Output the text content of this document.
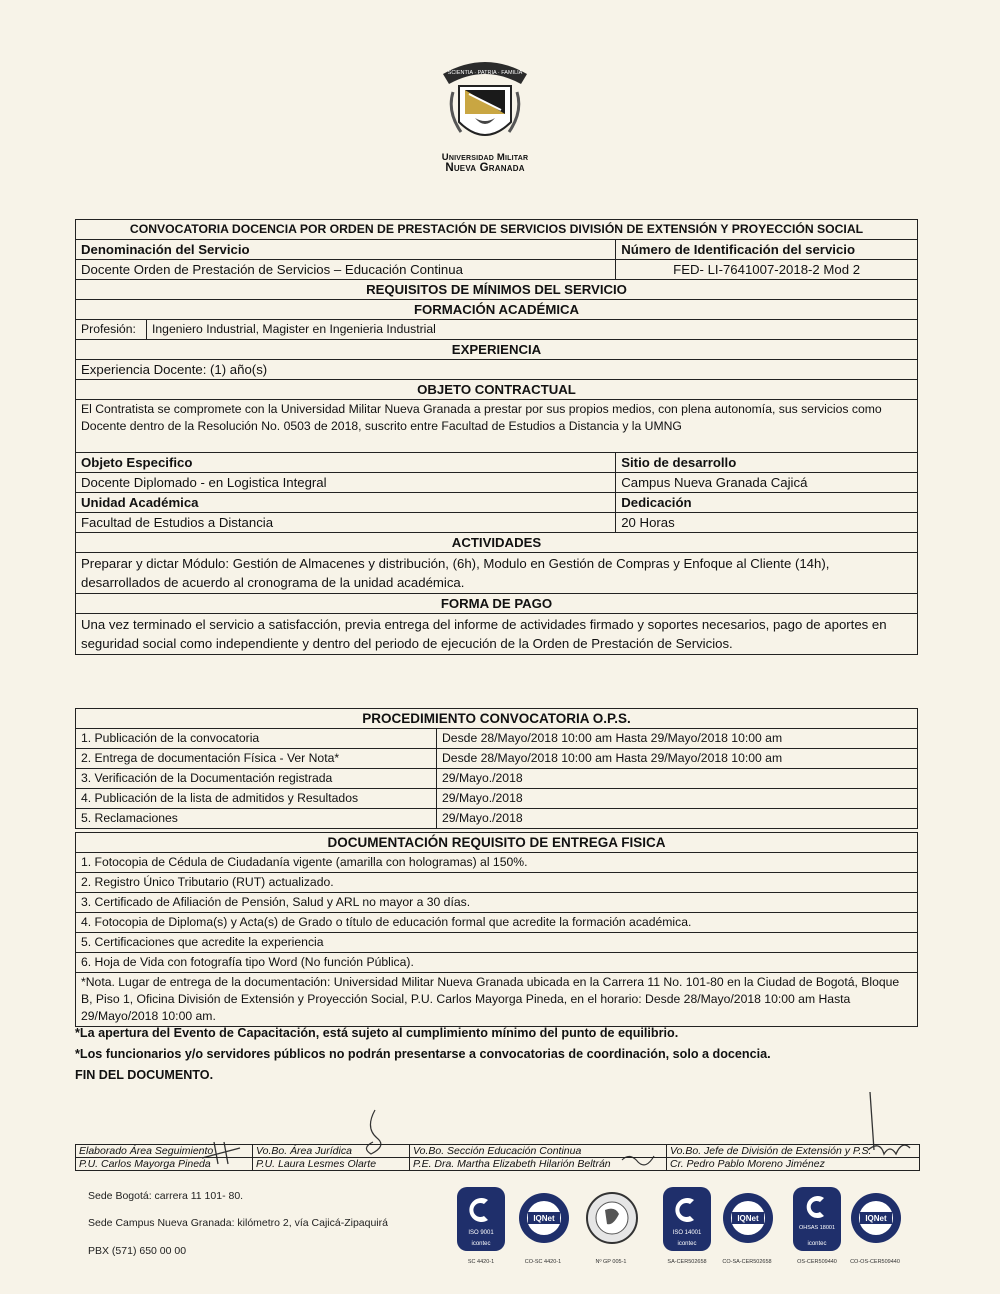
SCIENTIA · PATRIA · FAMILIA
Universidad Militar
Nueva Granada
CONVOCATORIA DOCENCIA POR ORDEN DE PRESTACIÓN DE SERVICIOS DIVISIÓN DE EXTENSIÓN Y PROYECCIÓN SOCIAL		
Denominación del Servicio		Número de Identificación del servicio
Docente Orden de Prestación de Servicios – Educación Continua		FED- LI-7641007-2018-2 Mod 2
REQUISITOS DE MÍNIMOS DEL SERVICIO		
FORMACIÓN ACADÉMICA		
Profesión:	Ingeniero Industrial, Magister en Ingenieria Industrial	
EXPERIENCIA		
Experiencia Docente: (1) año(s)		
OBJETO CONTRACTUAL		
El Contratista se compromete con la Universidad Militar Nueva Granada a prestar por sus propios medios, con plena autonomía, sus servicios como Docente dentro de la Resolución No. 0503 de 2018, suscrito entre Facultad de Estudios a Distancia y la UMNG		
Objeto Especifico		Sitio de desarrollo
Docente Diplomado - en Logistica Integral		Campus Nueva Granada Cajicá
Unidad Académica		Dedicación
Facultad de Estudios a Distancia		20 Horas
ACTIVIDADES		
Preparar y dictar Módulo: Gestión de Almacenes y distribución, (6h), Modulo en Gestión de Compras y Enfoque al Cliente (14h), desarrollados de acuerdo al cronograma de la unidad académica.		
FORMA DE PAGO		
Una vez terminado el servicio a satisfacción, previa entrega del informe de actividades firmado y soportes necesarios, pago de aportes en seguridad social como independiente y dentro del periodo de ejecución de la Orden de Prestación de Servicios.		
PROCEDIMIENTO CONVOCATORIA O.P.S.	
1. Publicación de la convocatoria	Desde 28/Mayo/2018 10:00 am Hasta 29/Mayo/2018 10:00 am
2. Entrega de documentación Física - Ver Nota*	Desde 28/Mayo/2018 10:00 am Hasta 29/Mayo/2018 10:00 am
3. Verificación de la Documentación registrada	29/Mayo./2018
4. Publicación de la lista de admitidos y Resultados	29/Mayo./2018
5. Reclamaciones	29/Mayo./2018
DOCUMENTACIÓN REQUISITO DE ENTREGA FISICA
1. Fotocopia de Cédula de Ciudadanía vigente (amarilla con hologramas) al 150%.
2. Registro Único Tributario (RUT) actualizado.
3. Certificado de Afiliación de Pensión, Salud y ARL no mayor a 30 días.
4. Fotocopia de Diploma(s) y Acta(s) de Grado o título de educación formal que acredite la formación académica.
5. Certificaciones que acredite la experiencia
6. Hoja de Vida con fotografía tipo Word (No función Pública).
*Nota. Lugar de entrega de la documentación: Universidad Militar Nueva Granada ubicada en la Carrera 11 No. 101-80 en la Ciudad de Bogotá, Bloque B, Piso 1, Oficina División de Extensión y Proyección Social, P.U. Carlos Mayorga Pineda, en el horario: Desde 28/Mayo/2018 10:00 am Hasta 29/Mayo/2018 10:00 am.
*La apertura del Evento de Capacitación, está sujeto al cumplimiento mínimo del punto de equilibrio.
*Los funcionarios y/o servidores públicos no podrán presentarse a convocatorias de coordinación, solo a docencia.
FIN DEL DOCUMENTO.
Elaborado Área Seguimiento	Vo.Bo. Área Jurídica	Vo.Bo. Sección Educación Continua	Vo.Bo. Jefe de División de Extensión y P.S.
P.U. Carlos Mayorga Pineda	P.U. Laura Lesmes Olarte	P.E. Dra. Martha Elizabeth Hilarión Beltrán	Cr. Pedro Pablo Moreno Jiménez
Sede Bogotá: carrera 11 101- 80.
Sede Campus Nueva Granada: kilómetro 2, vía Cajicá-Zipaquirá
PBX (571) 650 00 00
ISO 9001
icontec
SC 4420-1
IQNet
CO-SC 4420-1	Nº GP 005-1
ISO 14001
icontec
SA-CER502658
IQNet
CO-SA-CER502658
OHSAS 18001
icontec
OS-CER509440
IQNet
CO-OS-CER509440
